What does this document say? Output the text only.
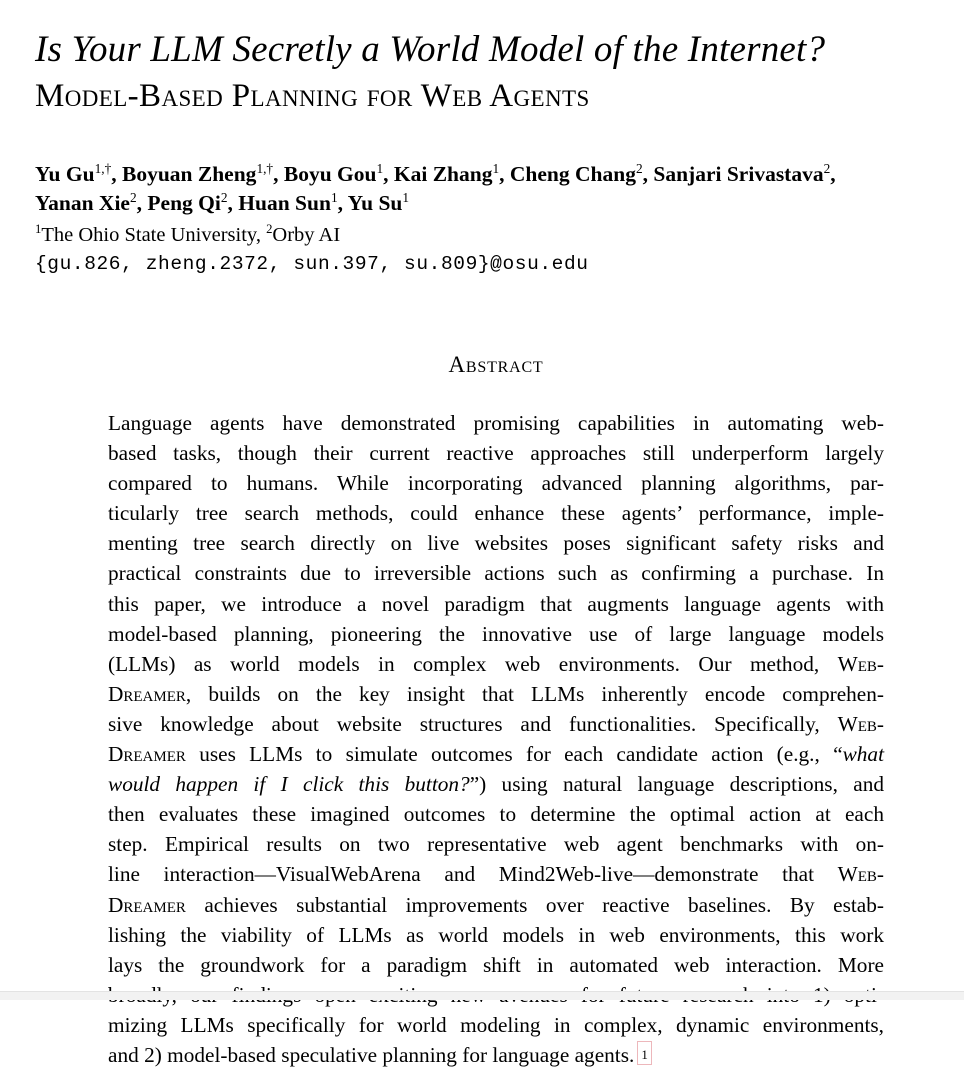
Is Your LLM Secretly a World Model of the Internet?
Model-Based Planning for Web Agents
Yu $Gu^{1,\dagger}$, Boyuan Zheng$^{1,\dagger}$, Boyu Gou$^1$, Kai Zhang$^1$, Cheng Chang$^2$, Sanjari Srivastava$^2$,
Yanan Xie$^2$, Peng Qi$^2$, Huan Sun$^1$, Yu Su$^1$
$^1$The Ohio State University, $^2$Orby AI
{gu.826, zheng.2372, sun.397, su.809}@osu.edu
Abstract
Language agents have demonstrated promising capabilities in automating web-
based tasks, though their current reactive approaches still underperform largely
compared to humans. While incorporating advanced planning algorithms, par-
ticularly tree search methods, could enhance these agents’ performance, imple-
menting tree search directly on live websites poses significant safety risks and
practical constraints due to irreversible actions such as confirming a purchase. In
this paper, we introduce a novel paradigm that augments language agents with
model-based planning, pioneering the innovative use of large language models
(LLMs) as world models in complex web environments. Our method, Web-
Dreamer, builds on the key insight that LLMs inherently encode comprehen-
sive knowledge about website structures and functionalities. Specifically, Web-
Dreamer uses LLMs to simulate outcomes for each candidate action (e.g., “what
would happen if I click this button?”) using natural language descriptions, and
then evaluates these imagined outcomes to determine the optimal action at each
step. Empirical results on two representative web agent benchmarks with on-
line interaction—VisualWebArena and Mind2Web-live—demonstrate that Web-
Dreamer achieves substantial improvements over reactive baselines. By estab-
lishing the viability of LLMs as world models in web environments, this work
lays the groundwork for a paradigm shift in automated web interaction. More
mizing LLMs specifically for world modeling in complex, dynamic environments,
and 2) model-based speculative planning for language agents. 1
